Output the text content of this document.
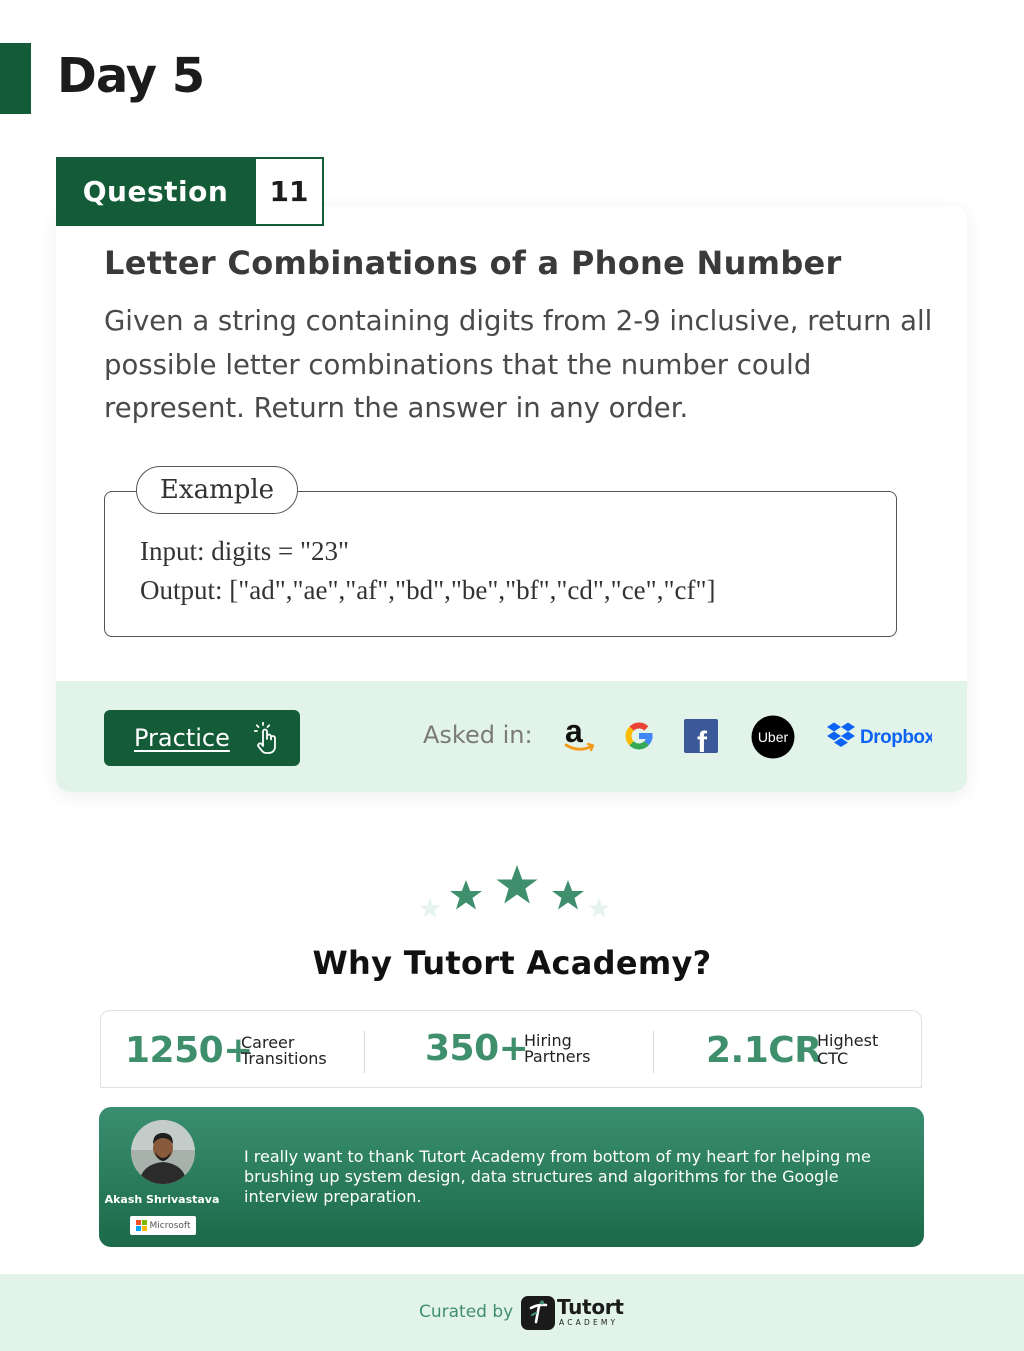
Day 5
Question	11
Letter Combinations of a Phone Number
Given a string containing digits from 2-9 inclusive, return all possible letter combinations that the number could represent. Return the answer in any order.
Example
Input: digits = "23"
Output: ["ad","ae","af","bd","be","bf","cd","ce","cf"]
Practice	Asked in: a	f	Uber	Dropbox
Why Tutort Academy?
1250+
Career
Transitions	350+
Hiring
Partners	2.1CR
Highest
CTC
Akash Shrivastava
Microsoft
I really want to thank Tutort Academy from bottom of my heart for helping me brushing up system design, data structures and algorithms for the Google interview preparation.
Curated by Tutort
ACADEMY
